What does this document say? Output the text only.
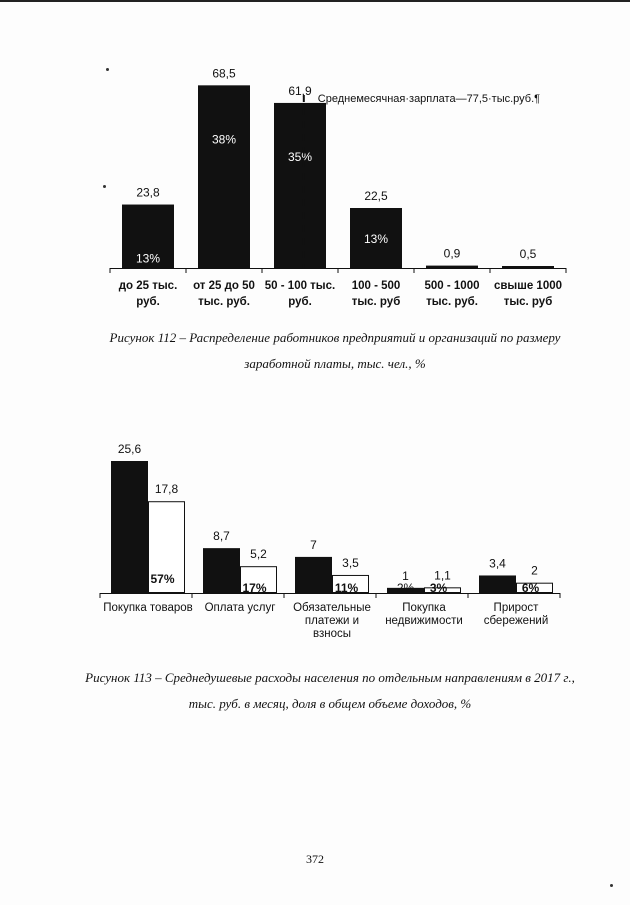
23,8
13%
до 25 тыс.
руб.
68,5
38%
от 25 до 50
тыс. руб.
61,9
35%
50 - 100 тыс.
руб.
22,5
13%
100 - 500
тыс. руб
0,9
500 - 1000
тыс. руб.
0,5
свыше 1000
тыс. руб
Среднемесячная·зарплата—77,5·тыс.руб.¶
25,6
17,8
57%
Покупка товаров
8,7
5,2
17%
Оплата услуг
7
3,5
11%
Обязательные
платежи и
взносы
1 1,1
3%
Покупка
недвижимости
3,4
2
6%
Прирост
сбережений
2%
Рисунок 112 – Распределение работников предприятий и организаций по размеру
заработной платы, тыс. чел., %
Рисунок 113 – Среднедушевые расходы населения по отдельным направлениям в 2017 г.,
тыс. руб. в месяц, доля в общем объеме доходов, %
372
